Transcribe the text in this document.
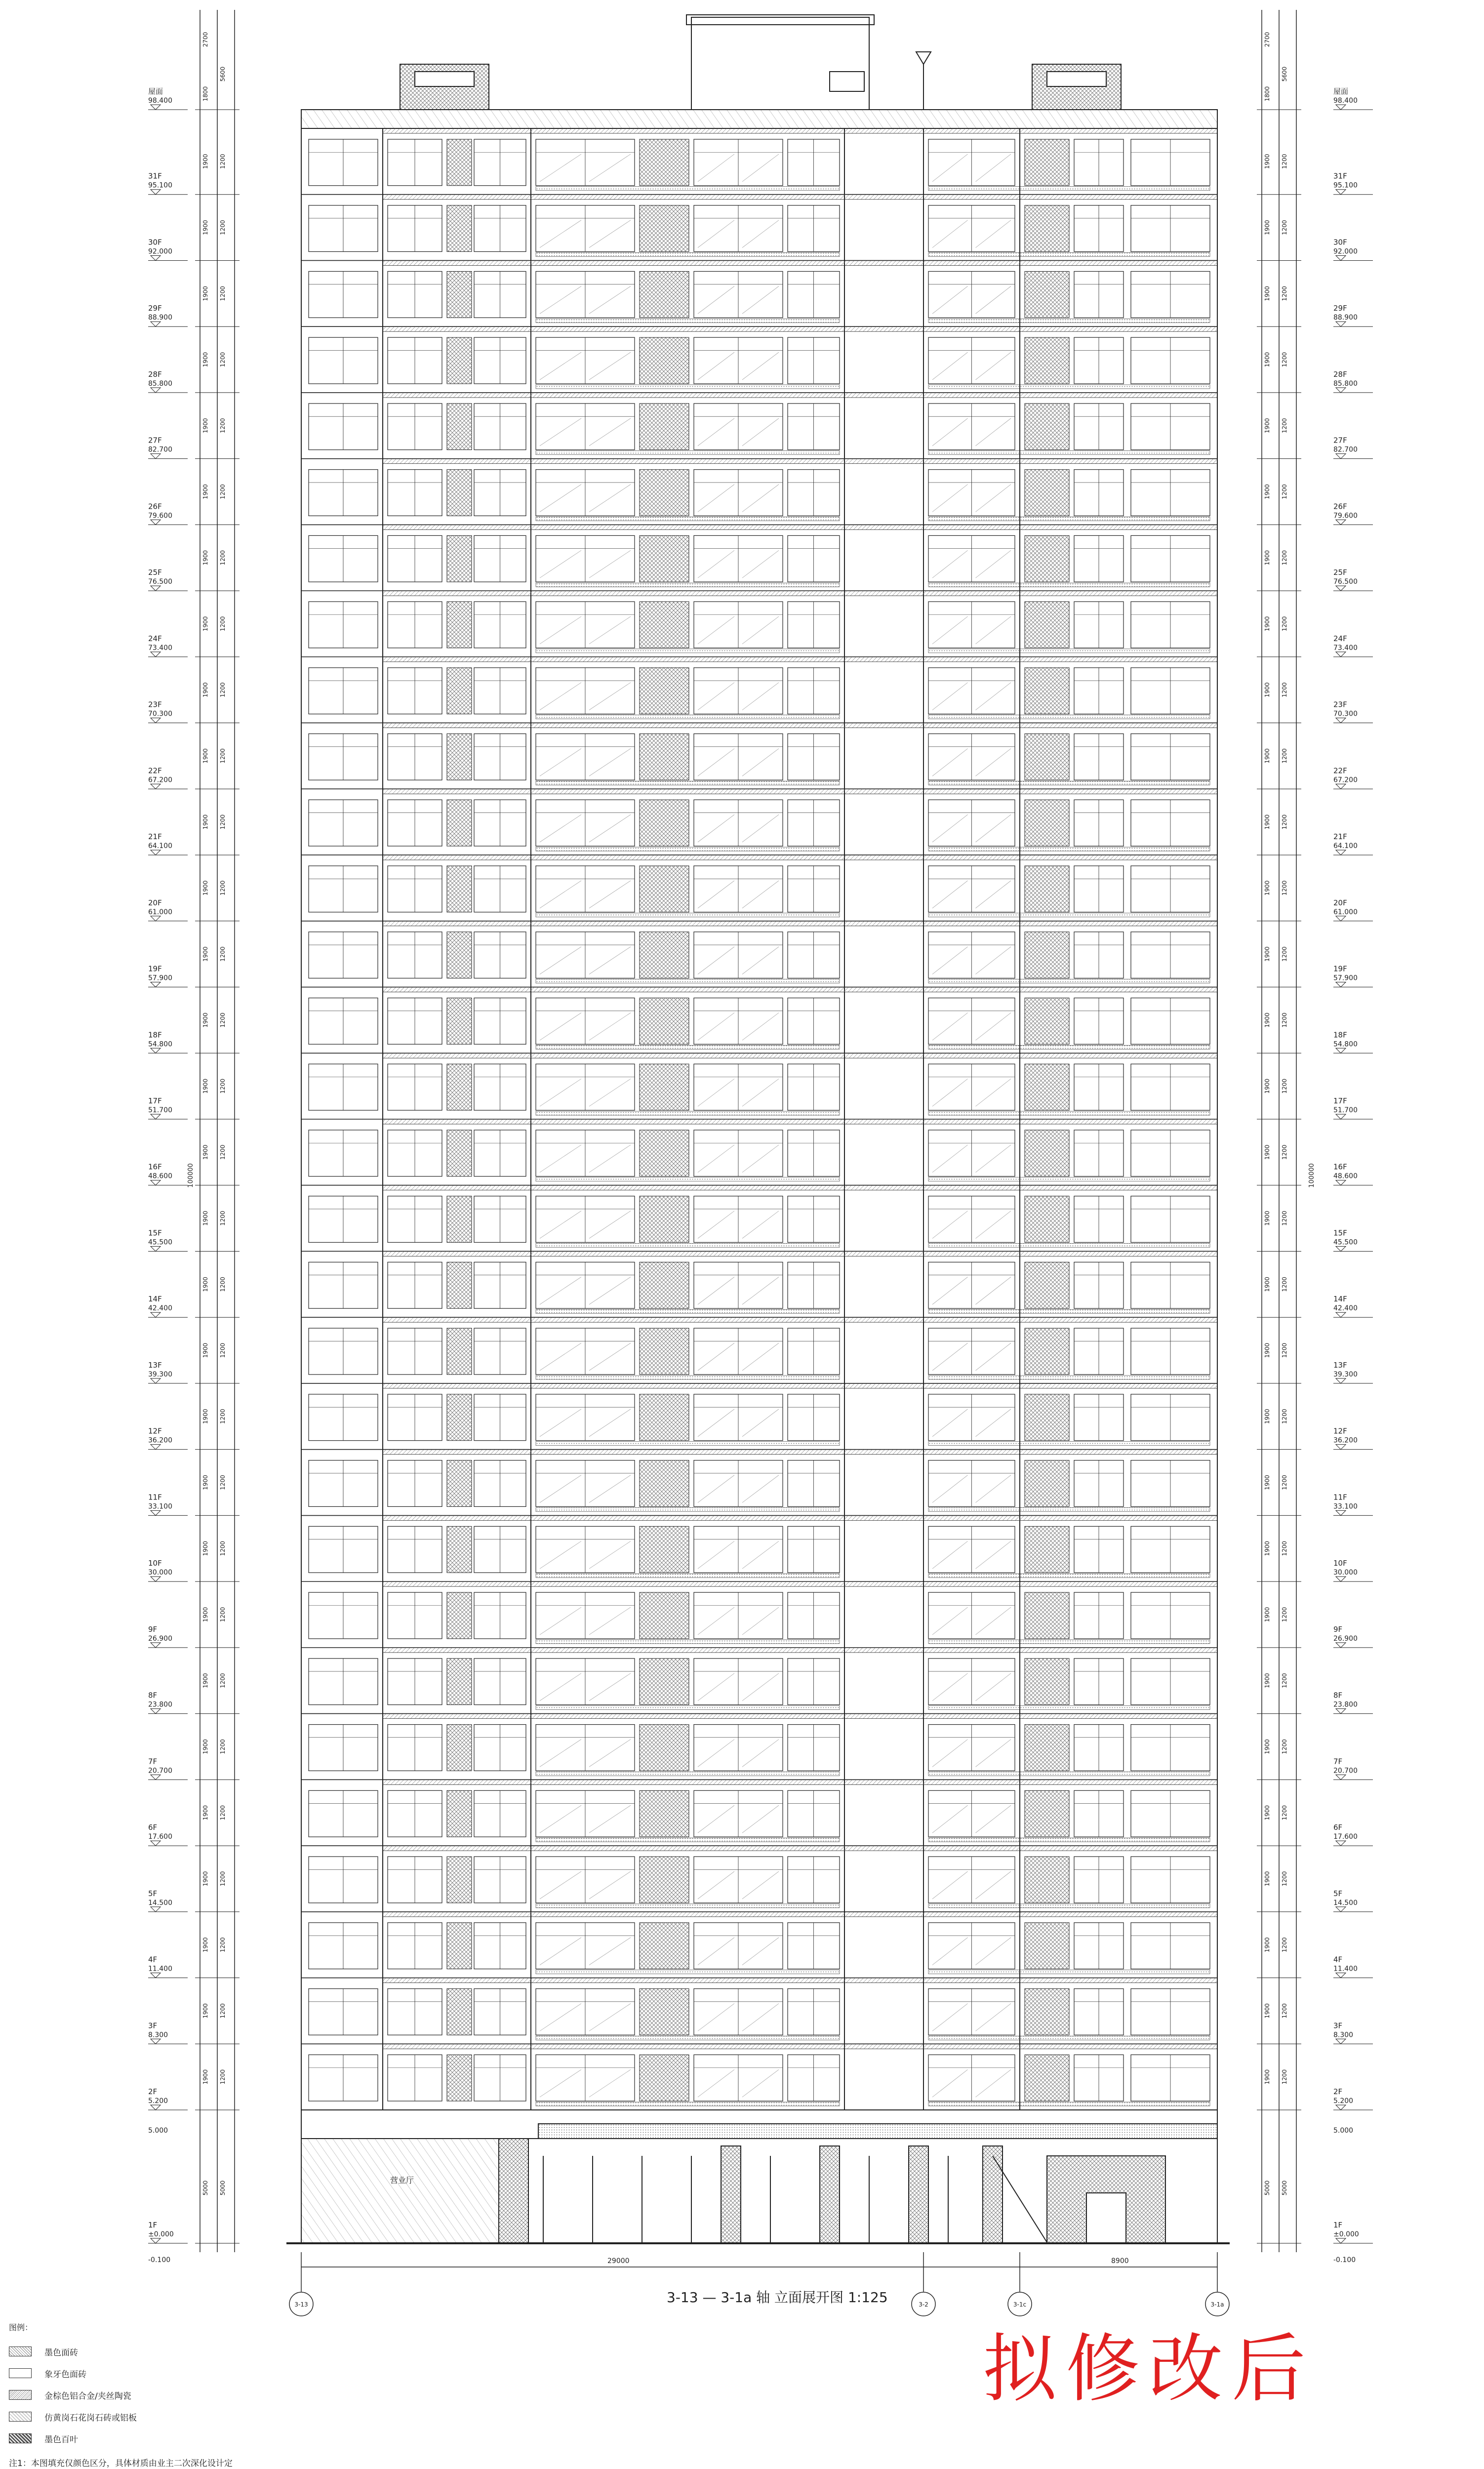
2F
5.200
2F
5.200
1900 1200	1900 1200
3F
8.300
3F
8.300
1900 1200	1900 1200
4F
11.400
4F
11.400
1900 1200	1900 1200
5F
14.500
5F
14.500
1900 1200	1900 1200
6F
17.600
6F
17.600
1900 1200	1900 1200
7F
20.700
7F
20.700
1900 1200	1900 1200
8F
23.800
8F
23.800
1900 1200	1900 1200
9F
26.900
9F
26.900
1900 1200	1900 1200
10F
30.000
10F
30.000
1900 1200	1900 1200
11F
33.100
11F
33.100
1900 1200	1900 1200
12F
36.200
12F
36.200
1900 1200	1900 1200
13F
39.300
13F
39.300
1900 1200	1900 1200
14F
42.400
14F
42.400
1900 1200	1900 1200
15F
45.500
15F
45.500
1900 1200	1900 1200
16F
48.600
16F
48.600
1900 1200	1900 1200
17F
51.700
17F
51.700
1900 1200	1900 1200
18F
54.800
18F
54.800
1900 1200	1900 1200
19F
57.900
19F
57.900
1900 1200	1900 1200
20F
61.000
20F
61.000
1900 1200	1900 1200
21F
64.100
21F
64.100
1900 1200	1900 1200
22F
67.200
22F
67.200
1900 1200	1900 1200
23F
70.300
23F
70.300
1900 1200	1900 1200
24F
73.400
24F
73.400
1900 1200	1900 1200
25F
76.500
25F
76.500
1900 1200	1900 1200
26F
79.600
26F
79.600
1900 1200	1900 1200
27F
82.700
27F
82.700
1900 1200	1900 1200
28F
85.800
28F
85.800
1900 1200	1900 1200
29F
88.900
29F
88.900
1900 1200	1900 1200
30F
92.000
30F
92.000
1900 1200	1900 1200
31F
95.100
31F
95.100
1900 1200	1900 1200
屋面
98.400
屋面
98.400
1F
±0.000
1F
±0.000
5.000
-0.100
5.000
-0.100
2700	2700
5600	5600
1800	1800
5000	5000
5000	5000
100000	100000
营业厅
29000	8900
3-13	3-2	3-1c	3-1a
3-13 — 3-1a 轴 立面展开图 1:125
图例：
墨色面砖
象牙色面砖
金棕色铝合金/夹丝陶瓷
仿黄岗石花岗石砖或铝板
墨色百叶
注1：本图填充仅颜色区分，具体材质由业主二次深化设计定
拟修改后
